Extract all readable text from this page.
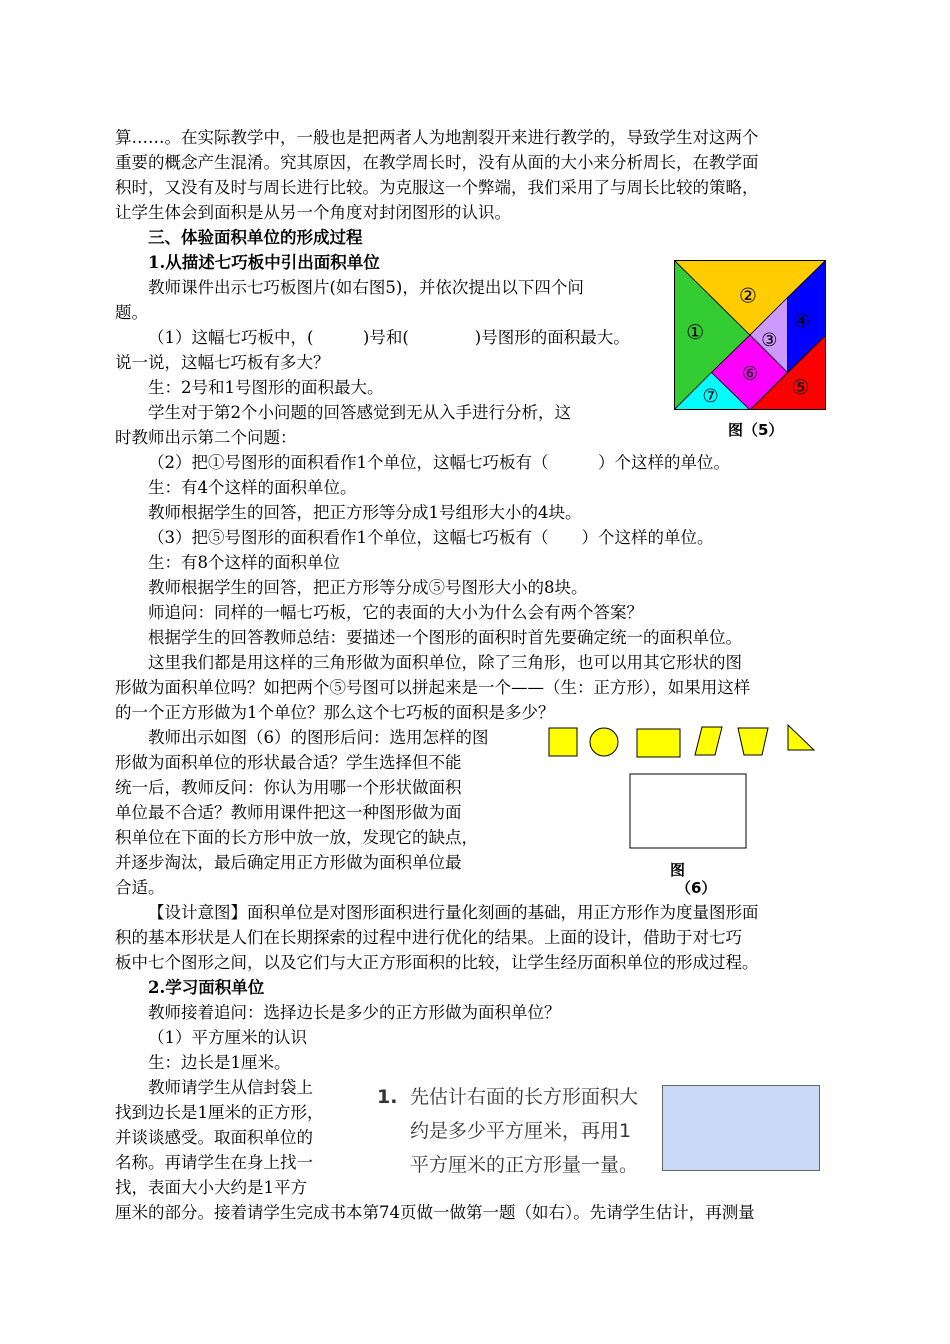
算……。在实际教学中，一般也是把两者人为地割裂开来进行教学的，导致学生对这两个
重要的概念产生混淆。究其原因，在教学周长时，没有从面的大小来分析周长，在教学面
积时，又没有及时与周长进行比较。为克服这一个弊端，我们采用了与周长比较的策略，
让学生体会到面积是从另一个角度对封闭图形的认识。
三、体验面积单位的形成过程
1.从描述七巧板中引出面积单位
教师课件出示七巧板图片(如右图5)，并依次提出以下四个问
题。
（1）这幅七巧板中，(　　　)号和(　　　　)号图形的面积最大。
说一说，这幅七巧板有多大？
生：2号和1号图形的面积最大。
学生对于第2个小问题的回答感觉到无从入手进行分析，这
时教师出示第二个问题：
①
②
③
④
⑤
⑥
⑦
图（5）
（2）把①号图形的面积看作1个单位，这幅七巧板有（　　　）个这样的单位。
生：有4个这样的面积单位。
教师根据学生的回答，把正方形等分成1号组形大小的4块。
（3）把⑤号图形的面积看作1个单位，这幅七巧板有（　　）个这样的单位。
生：有8个这样的面积单位
教师根据学生的回答，把正方形等分成⑤号图形大小的8块。
师追问：同样的一幅七巧板，它的表面的大小为什么会有两个答案？
根据学生的回答教师总结：要描述一个图形的面积时首先要确定统一的面积单位。
这里我们都是用这样的三角形做为面积单位，除了三角形，也可以用其它形状的图
形做为面积单位吗？如把两个⑤号图可以拼起来是一个——（生：正方形），如果用这样
的一个正方形做为1个单位？那么这个七巧板的面积是多少？
教师出示如图（6）的图形后问：选用怎样的图
形做为面积单位的形状最合适？学生选择但不能
统一后，教师反问：你认为用哪一个形状做面积
单位最不合适？教师用课件把这一种图形做为面
积单位在下面的长方形中放一放，发现它的缺点，
并逐步淘汰，最后确定用正方形做为面积单位最
合适。
图
（6）
【设计意图】面积单位是对图形面积进行量化刻画的基础，用正方形作为度量图形面
积的基本形状是人们在长期探索的过程中进行优化的结果。上面的设计，借助于对七巧
板中七个图形之间，以及它们与大正方形面积的比较，让学生经历面积单位的形成过程。
2.学习面积单位
教师接着追问：选择边长是多少的正方形做为面积单位？
（1）平方厘米的认识
生：边长是1厘米。
教师请学生从信封袋上
找到边长是1厘米的正方形，
并谈谈感受。取面积单位的
名称。再请学生在身上找一
找，表面大小大约是1平方
厘米的部分。接着请学生完成书本第74页做一做第一题（如右）。先请学生估计，再测量
1. 先估计右面的长方形面积大
约是多少平方厘米，再用1
平方厘米的正方形量一量。
